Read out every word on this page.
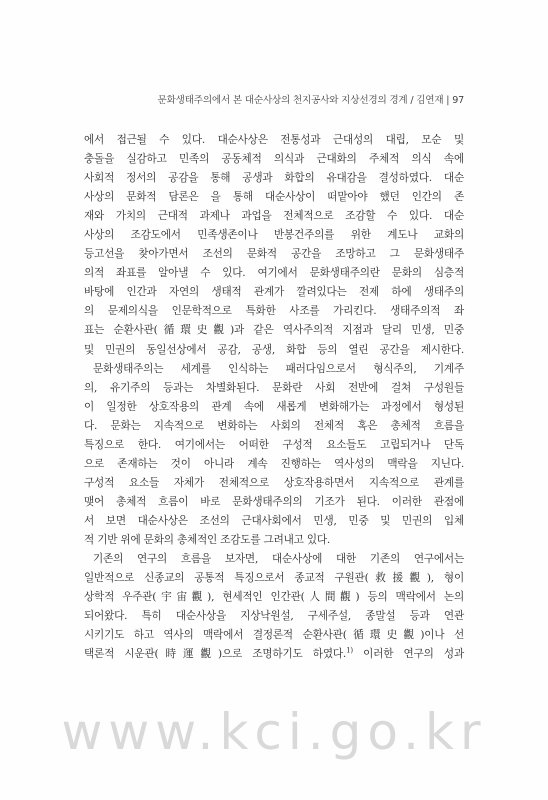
문화생태주의에서 본 대순사상의 천지공사와 지상선경의 경계 / 김연재 | 97
에서 접근될 수 있다. 대순사상은 전통성과 근대성의 대립, 모순 및
충돌을 실감하고 민족의 공동체적 의식과 근대화의 주체적 의식 속에
사회적 정서의 공감을 통해 공생과 화합의 유대감을 결성하였다. 대순
사상의 문화적 담론은 을 통해 대순사상이 떠맡아야 했던 인간의 존
재와 가치의 근대적 과제나 과업을 전체적으로 조감할 수 있다. 대순
사상의 조감도에서 민족생존이나 반봉건주의를 위한 계도나 교화의
등고선을 찾아가면서 조선의 문화적 공간을 조망하고 그 문화생태주
의적 좌표를 알아낼 수 있다. 여기에서 문화생태주의란 문화의 심층적
바탕에 인간과 자연의 생태적 관계가 깔려있다는 전제 하에 생태주의
의 문제의식을 인문학적으로 특화한 사조를 가리킨다. 생태주의적 좌
표는 순환사관(循環史觀)과 같은 역사주의적 지점과 달리 민생, 민중
및 민권의 동일선상에서 공감, 공생, 화합 등의 열린 공간을 제시한다.
문화생태주의는 세계를 인식하는 패러다임으로서 형식주의, 기계주
의, 유기주의 등과는 차별화된다. 문화란 사회 전반에 걸쳐 구성원들
이 일정한 상호작용의 관계 속에 새롭게 변화해가는 과정에서 형성된
다. 문화는 지속적으로 변화하는 사회의 전체적 혹은 총체적 흐름을
특징으로 한다. 여기에서는 어떠한 구성적 요소들도 고립되거나 단독
으로 존재하는 것이 아니라 계속 진행하는 역사성의 맥락을 지닌다.
구성적 요소들 자체가 전체적으로 상호작용하면서 지속적으로 관계를
맺어 총체적 흐름이 바로 문화생태주의의 기조가 된다. 이러한 관점에
서 보면 대순사상은 조선의 근대사회에서 민생, 민중 및 민권의 입체
적 기반 위에 문화의 총체적인 조감도를 그려내고 있다.
기존의 연구의 흐름을 보자면, 대순사상에 대한 기존의 연구에서는
일반적으로 신종교의 공통적 특징으로서 종교적 구원관(救援觀), 형이
상학적 우주관(宇宙觀), 현세적인 인간관(人間觀) 등의 맥락에서 논의
되어왔다. 특히 대순사상을 지상낙원설, 구세주설, 종말설 등과 연관
시키기도 하고 역사의 맥락에서 결정론적 순환사관(循環史觀)이나 선
택론적 시운관(時運觀)으로 조명하기도 하였다.$^{1)}$ 이러한 연구의 성과
www.kci.go.kr
